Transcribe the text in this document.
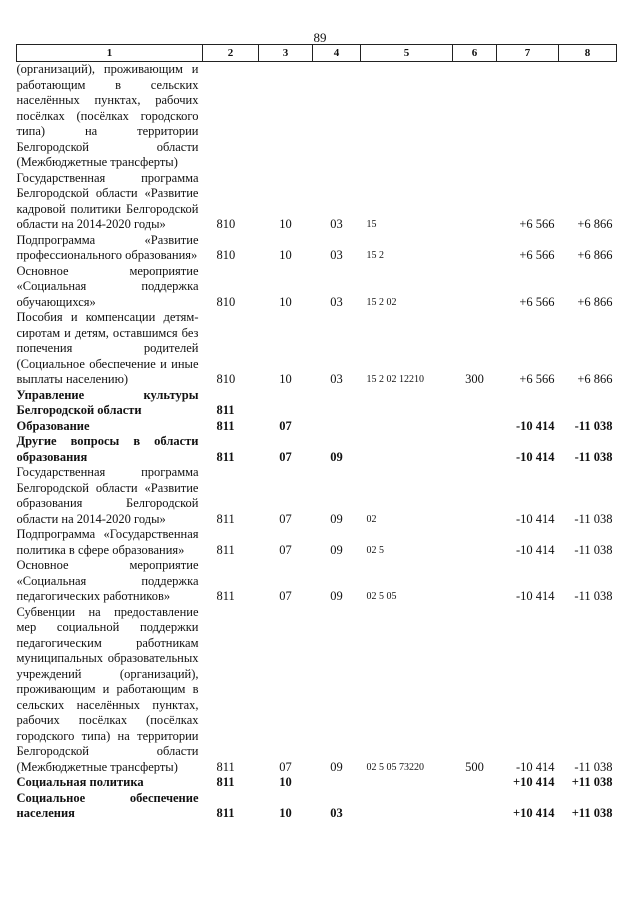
89
1	2	3	4	5	6	7	8
(организаций), проживающим и работающим в сельских населённых пунктах, рабочих посёлках (посёлках городского типа) на территории Белгородской области (Межбюджетные трансферты)							
Государственная программа Белгородской области «Развитие кадровой политики Белгородской области на 2014-2020 годы»	810	10	03	15		+6 566	+6 866
Подпрограмма «Развитие профессионального образования»	810	10	03	15 2		+6 566	+6 866
Основное мероприятие «Социальная поддержка обучающихся»	810	10	03	15 2 02		+6 566	+6 866
Пособия и компенсации детям-сиротам и детям, оставшимся без попечения родителей (Социальное обеспечение и иные выплаты населению)	810	10	03	15 2 02 12210	300	+6 566	+6 866
Управление культуры Белгородской области	811						
Образование	811	07				-10 414	-11 038
Другие вопросы в области образования	811	07	09			-10 414	-11 038
Государственная программа Белгородской области «Развитие образования Белгородской области на 2014-2020 годы»	811	07	09	02		-10 414	-11 038
Подпрограмма «Государственная политика в сфере образования»	811	07	09	02 5		-10 414	-11 038
Основное мероприятие «Социальная поддержка педагогических работников»	811	07	09	02 5 05		-10 414	-11 038
Субвенции на предоставление мер социальной поддержки педагогическим работникам муниципальных образовательных учреждений (организаций), проживающим и работающим в сельских населённых пунктах, рабочих посёлках (посёлках городского типа) на территории Белгородской области (Межбюджетные трансферты)	811	07	09	02 5 05 73220	500	-10 414	-11 038
Социальная политика	811	10				+10 414	+11 038
Социальное обеспечение населения	811	10	03			+10 414	+11 038
